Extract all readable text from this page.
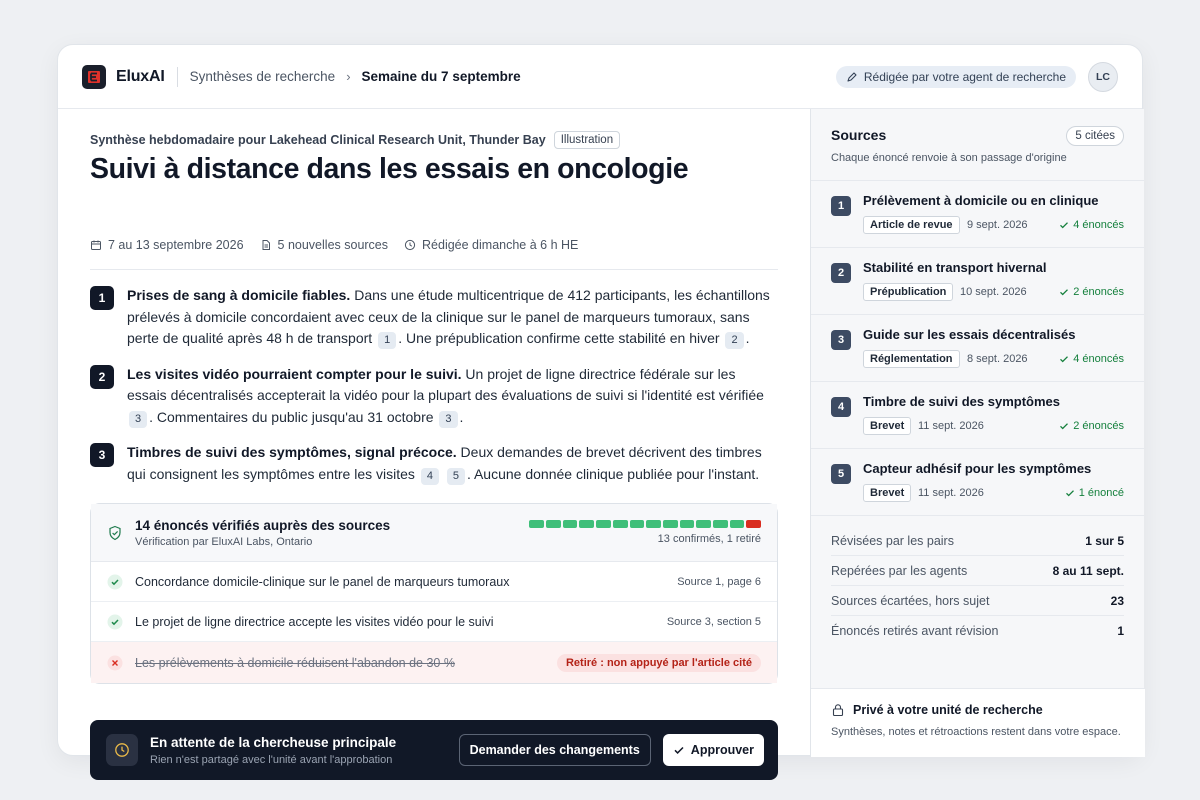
EluxAI Synthèses de recherche › Semaine du 7 septembre	Rédigée par votre agent de recherche	LC
Synthèse hebdomadaire pour Lakehead Clinical Research Unit, Thunder Bay	Illustration
Suivi à distance dans les essais en oncologie
7 au 13 septembre 2026	5 nouvelles sources	Rédigée dimanche à 6 h HE
1	Prises de sang à domicile fiables. Dans une étude multicentrique de 412 participants, les échantillons prélevés à domicile concordaient avec ceux de la clinique sur le panel de marqueurs tumoraux, sans perte de qualité après 48 h de transport 1 . Une prépublication confirme cette stabilité en hiver 2 .
2	Les visites vidéo pourraient compter pour le suivi. Un projet de ligne directrice fédérale sur les essais décentralisés accepterait la vidéo pour la plupart des évaluations de suivi si l'identité est vérifiée 3 . Commentaires du public jusqu'au 31 octobre 3 .
3	Timbres de suivi des symptômes, signal précoce. Deux demandes de brevet décrivent des timbres qui consignent les symptômes entre les visites 4 5 . Aucune donnée clinique publiée pour l'instant.
14 énoncés vérifiés auprès des sources
Vérification par EluxAI Labs, Ontario	13 confirmés, 1 retiré
Concordance domicile-clinique sur le panel de marqueurs tumoraux	Source 1, page 6
Le projet de ligne directrice accepte les visites vidéo pour le suivi	Source 3, section 5
Les prélèvements à domicile réduisent l'abandon de 30 %	Retiré : non appuyé par l'article cité
En attente de la chercheuse principale
Rien n'est partagé avec l'unité avant l'approbation
Demander des changements	Approuver
Sources
Chaque énoncé renvoie à son passage d'origine
5 citées
1	Prélèvement à domicile ou en clinique
Article de revue	9 sept. 2026	4 énoncés
2	Stabilité en transport hivernal
Prépublication	10 sept. 2026	2 énoncés
3	Guide sur les essais décentralisés
Réglementation	8 sept. 2026	4 énoncés
4	Timbre de suivi des symptômes
Brevet	11 sept. 2026	2 énoncés
5	Capteur adhésif pour les symptômes
Brevet	11 sept. 2026	1 énoncé
Révisées par les pairs	1 sur 5
Repérées par les agents	8 au 11 sept.
Sources écartées, hors sujet	23
Énoncés retirés avant révision	1
Privé à votre unité de recherche
Synthèses, notes et rétroactions restent dans votre espace.
